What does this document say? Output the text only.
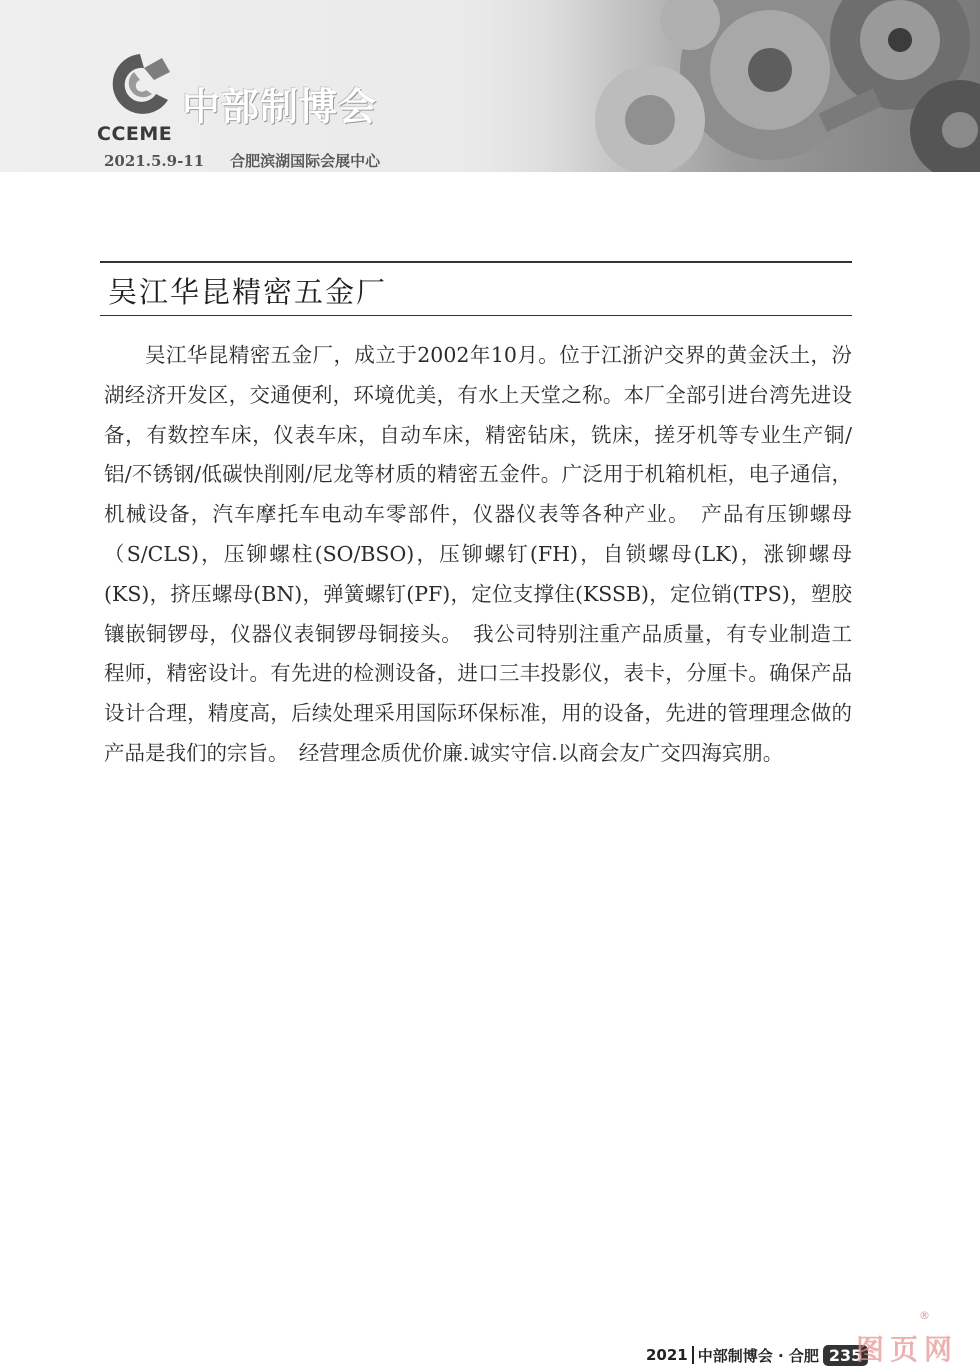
CCEME
中部制博会
2021.5.9-11 合肥滨湖国际会展中心
吴江华昆精密五金厂

吴江华昆精密五金厂，成立于2002年10月。位于江浙沪交界的黄金沃土，汾湖经济开发区，交通便利，环境优美，有水上天堂之称。本厂全部引进台湾先进设备，有数控车床，仪表车床，自动车床，精密钻床，铣床，搓牙机等专业生产铜/铝/不锈钢/低碳快削刚/尼龙等材质的精密五金件。广泛用于机箱机柜，电子通信，机械设备，汽车摩托车电动车零部件，仪器仪表等各种产业。　产品有压铆螺母（S/CLS)，压铆螺柱(SO/BSO)，压铆螺钉(FH)，自锁螺母(LK)，涨铆螺母(KS)，挤压螺母(BN)，弹簧螺钉(PF)，定位支撑住(KSSB)，定位销(TPS)，塑胶镶嵌铜锣母，仪器仪表铜锣母铜接头。　我公司特别注重产品质量，有专业制造工程师，精密设计。有先进的检测设备，进口三丰投影仪，表卡，分厘卡。确保产品设计合理，精度高，后续处理采用国际环保标准，用的设备，先进的管理理念做的产品是我们的宗旨。　经营理念质优价廉.诚实守信.以商会友广交四海宾朋。

2021 中部制博会 · 合肥 235
®
图页网
